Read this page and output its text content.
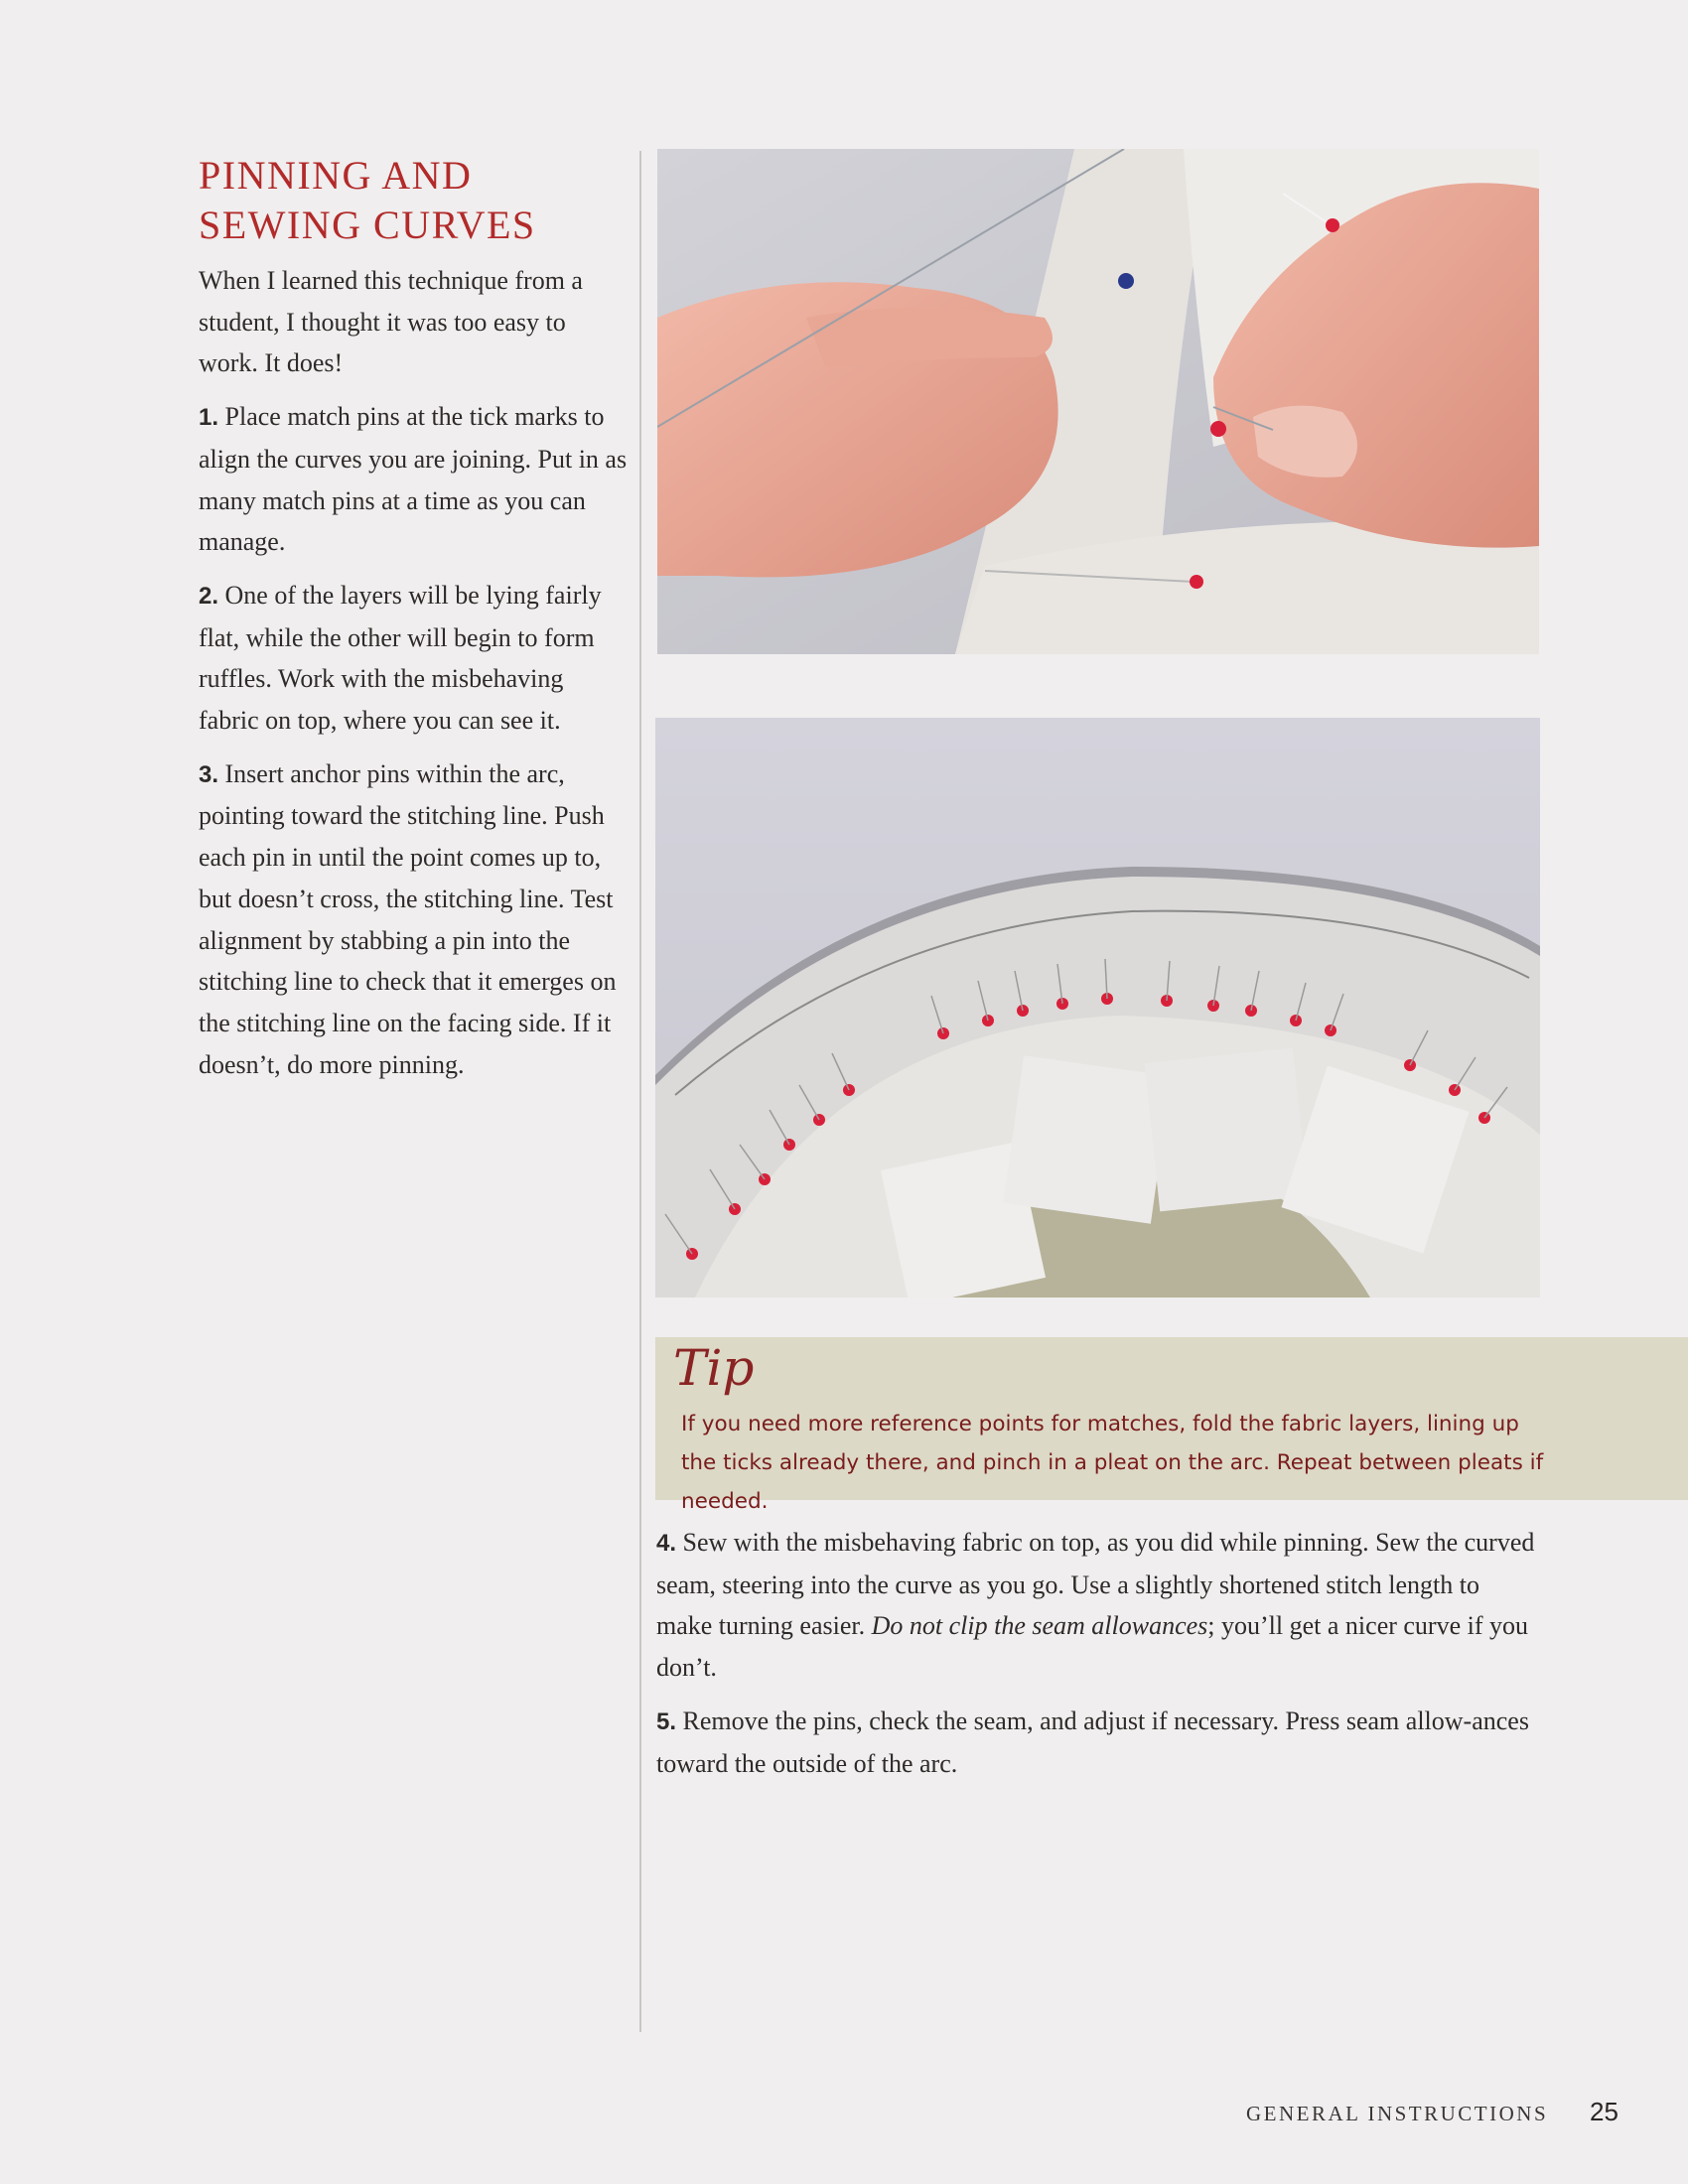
PINNING AND
SEWING CURVES

When I learned this technique from a student, I thought it was too easy to work. It does!

1. Place match pins at the tick marks to align the curves you are joining. Put in as many match pins at a time as you can manage.

2. One of the layers will be lying fairly flat, while the other will begin to form ruffles. Work with the misbehaving fabric on top, where you can see it.

3. Insert anchor pins within the arc, pointing toward the stitching line. Push each pin in until the point comes up to, but doesn’t cross, the stitching line. Test alignment by stabbing a pin into the stitching line to check that it emerges on the stitching line on the facing side. If it doesn’t, do more pinning.

Tip
If you need more reference points for matches, fold the fabric layers, lining up the ticks already there, and pinch in a pleat on the arc. Repeat between pleats if needed.

4. Sew with the misbehaving fabric on top, as you did while pinning. Sew the curved seam, steering into the curve as you go. Use a slightly shortened stitch length to make turning easier. Do not clip the seam allowances; you’ll get a nicer curve if you don’t.

5. Remove the pins, check the seam, and adjust if necessary. Press seam allow-ances toward the outside of the arc.

GENERAL INSTRUCTIONS 25
